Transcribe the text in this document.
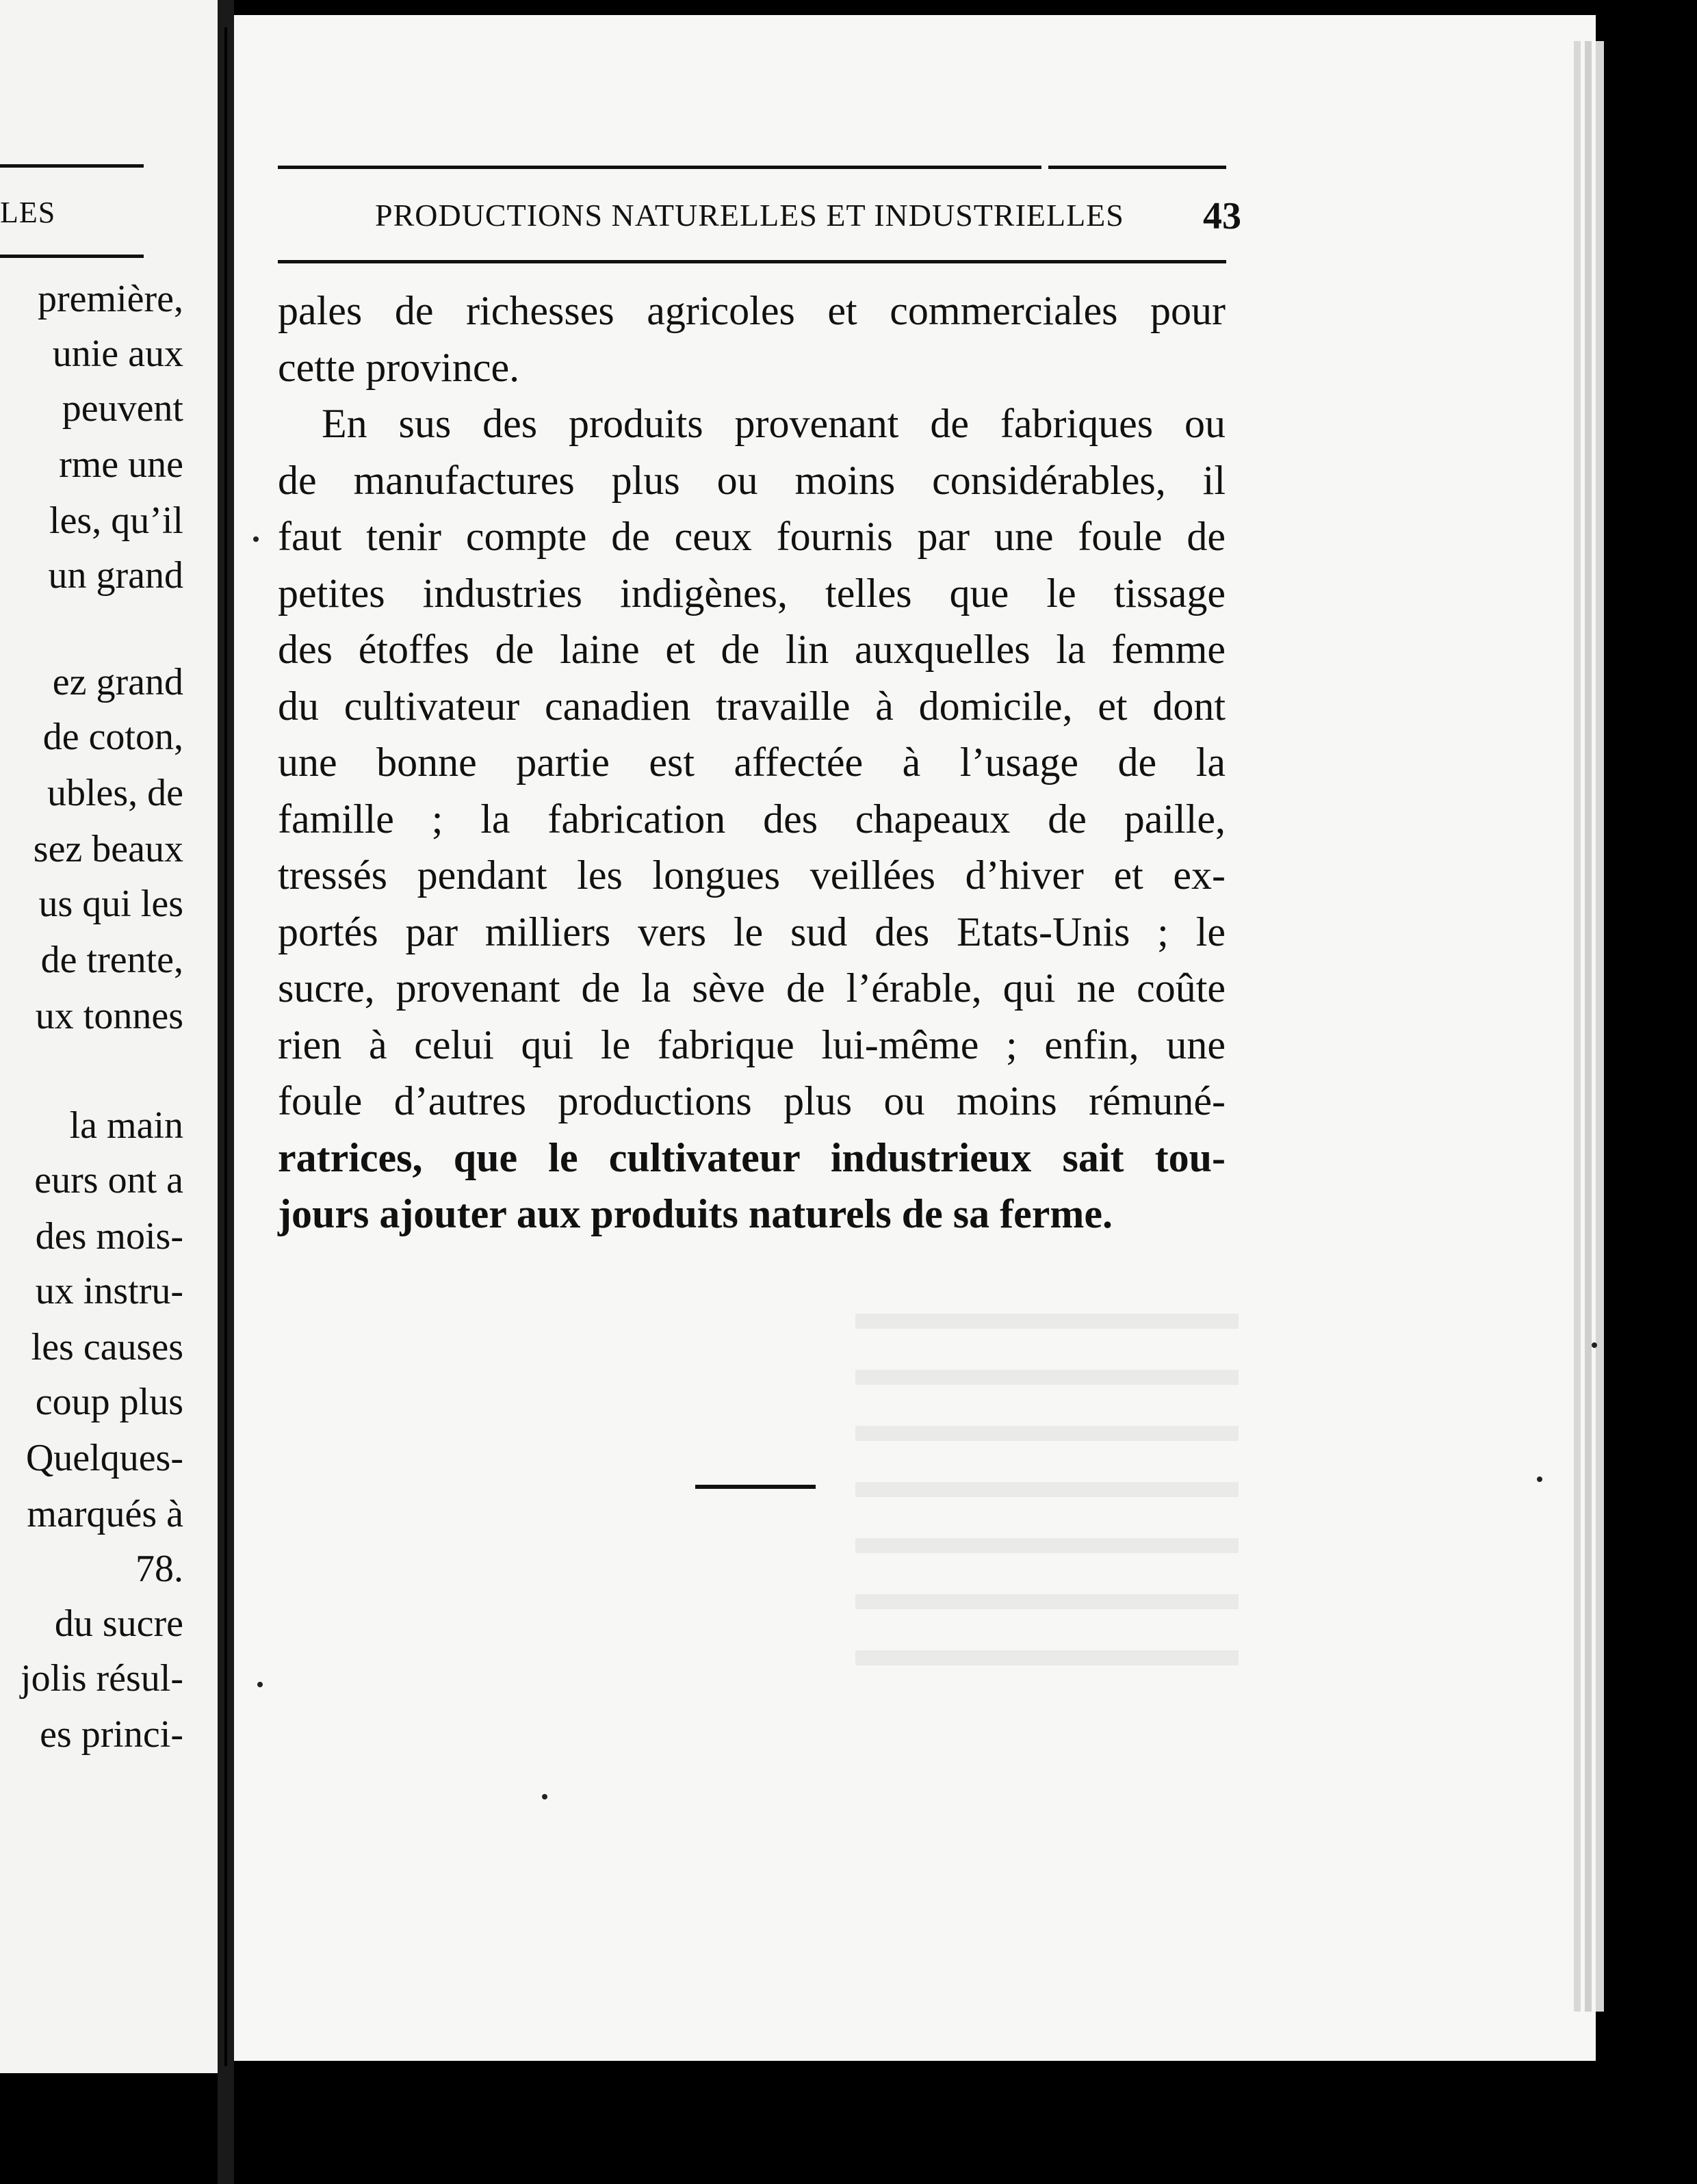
LES
première,
unie aux
peuvent
rme une
les, qu’il
un grand
ez grand
de coton,
ubles, de
sez beaux
us qui les
de trente,
ux tonnes
la main
eurs ont a
des mois-
ux instru-
les causes
coup plus
Quelques-
marqués à
78.
du sucre
jolis résul-
es princi-
PRODUCTIONS NATURELLES ET INDUSTRIELLES	43
pales de richesses agricoles et commerciales pour
cette province.
En sus des produits provenant de fabriques ou
de manufactures plus ou moins considérables, il
faut tenir compte de ceux fournis par une foule de
petites industries indigènes, telles que le tissage
des étoffes de laine et de lin auxquelles la femme
du cultivateur canadien travaille à domicile, et dont
une bonne partie est affectée à l’usage de la
famille ; la fabrication des chapeaux de paille,
tressés pendant les longues veillées d’hiver et ex-
portés par milliers vers le sud des Etats-Unis ; le
sucre, provenant de la sève de l’érable, qui ne coûte
rien à celui qui le fabrique lui-même ; enfin, une
foule d’autres productions plus ou moins rémuné-
ratrices, que le cultivateur industrieux sait tou-
jours ajouter aux produits naturels de sa ferme.
